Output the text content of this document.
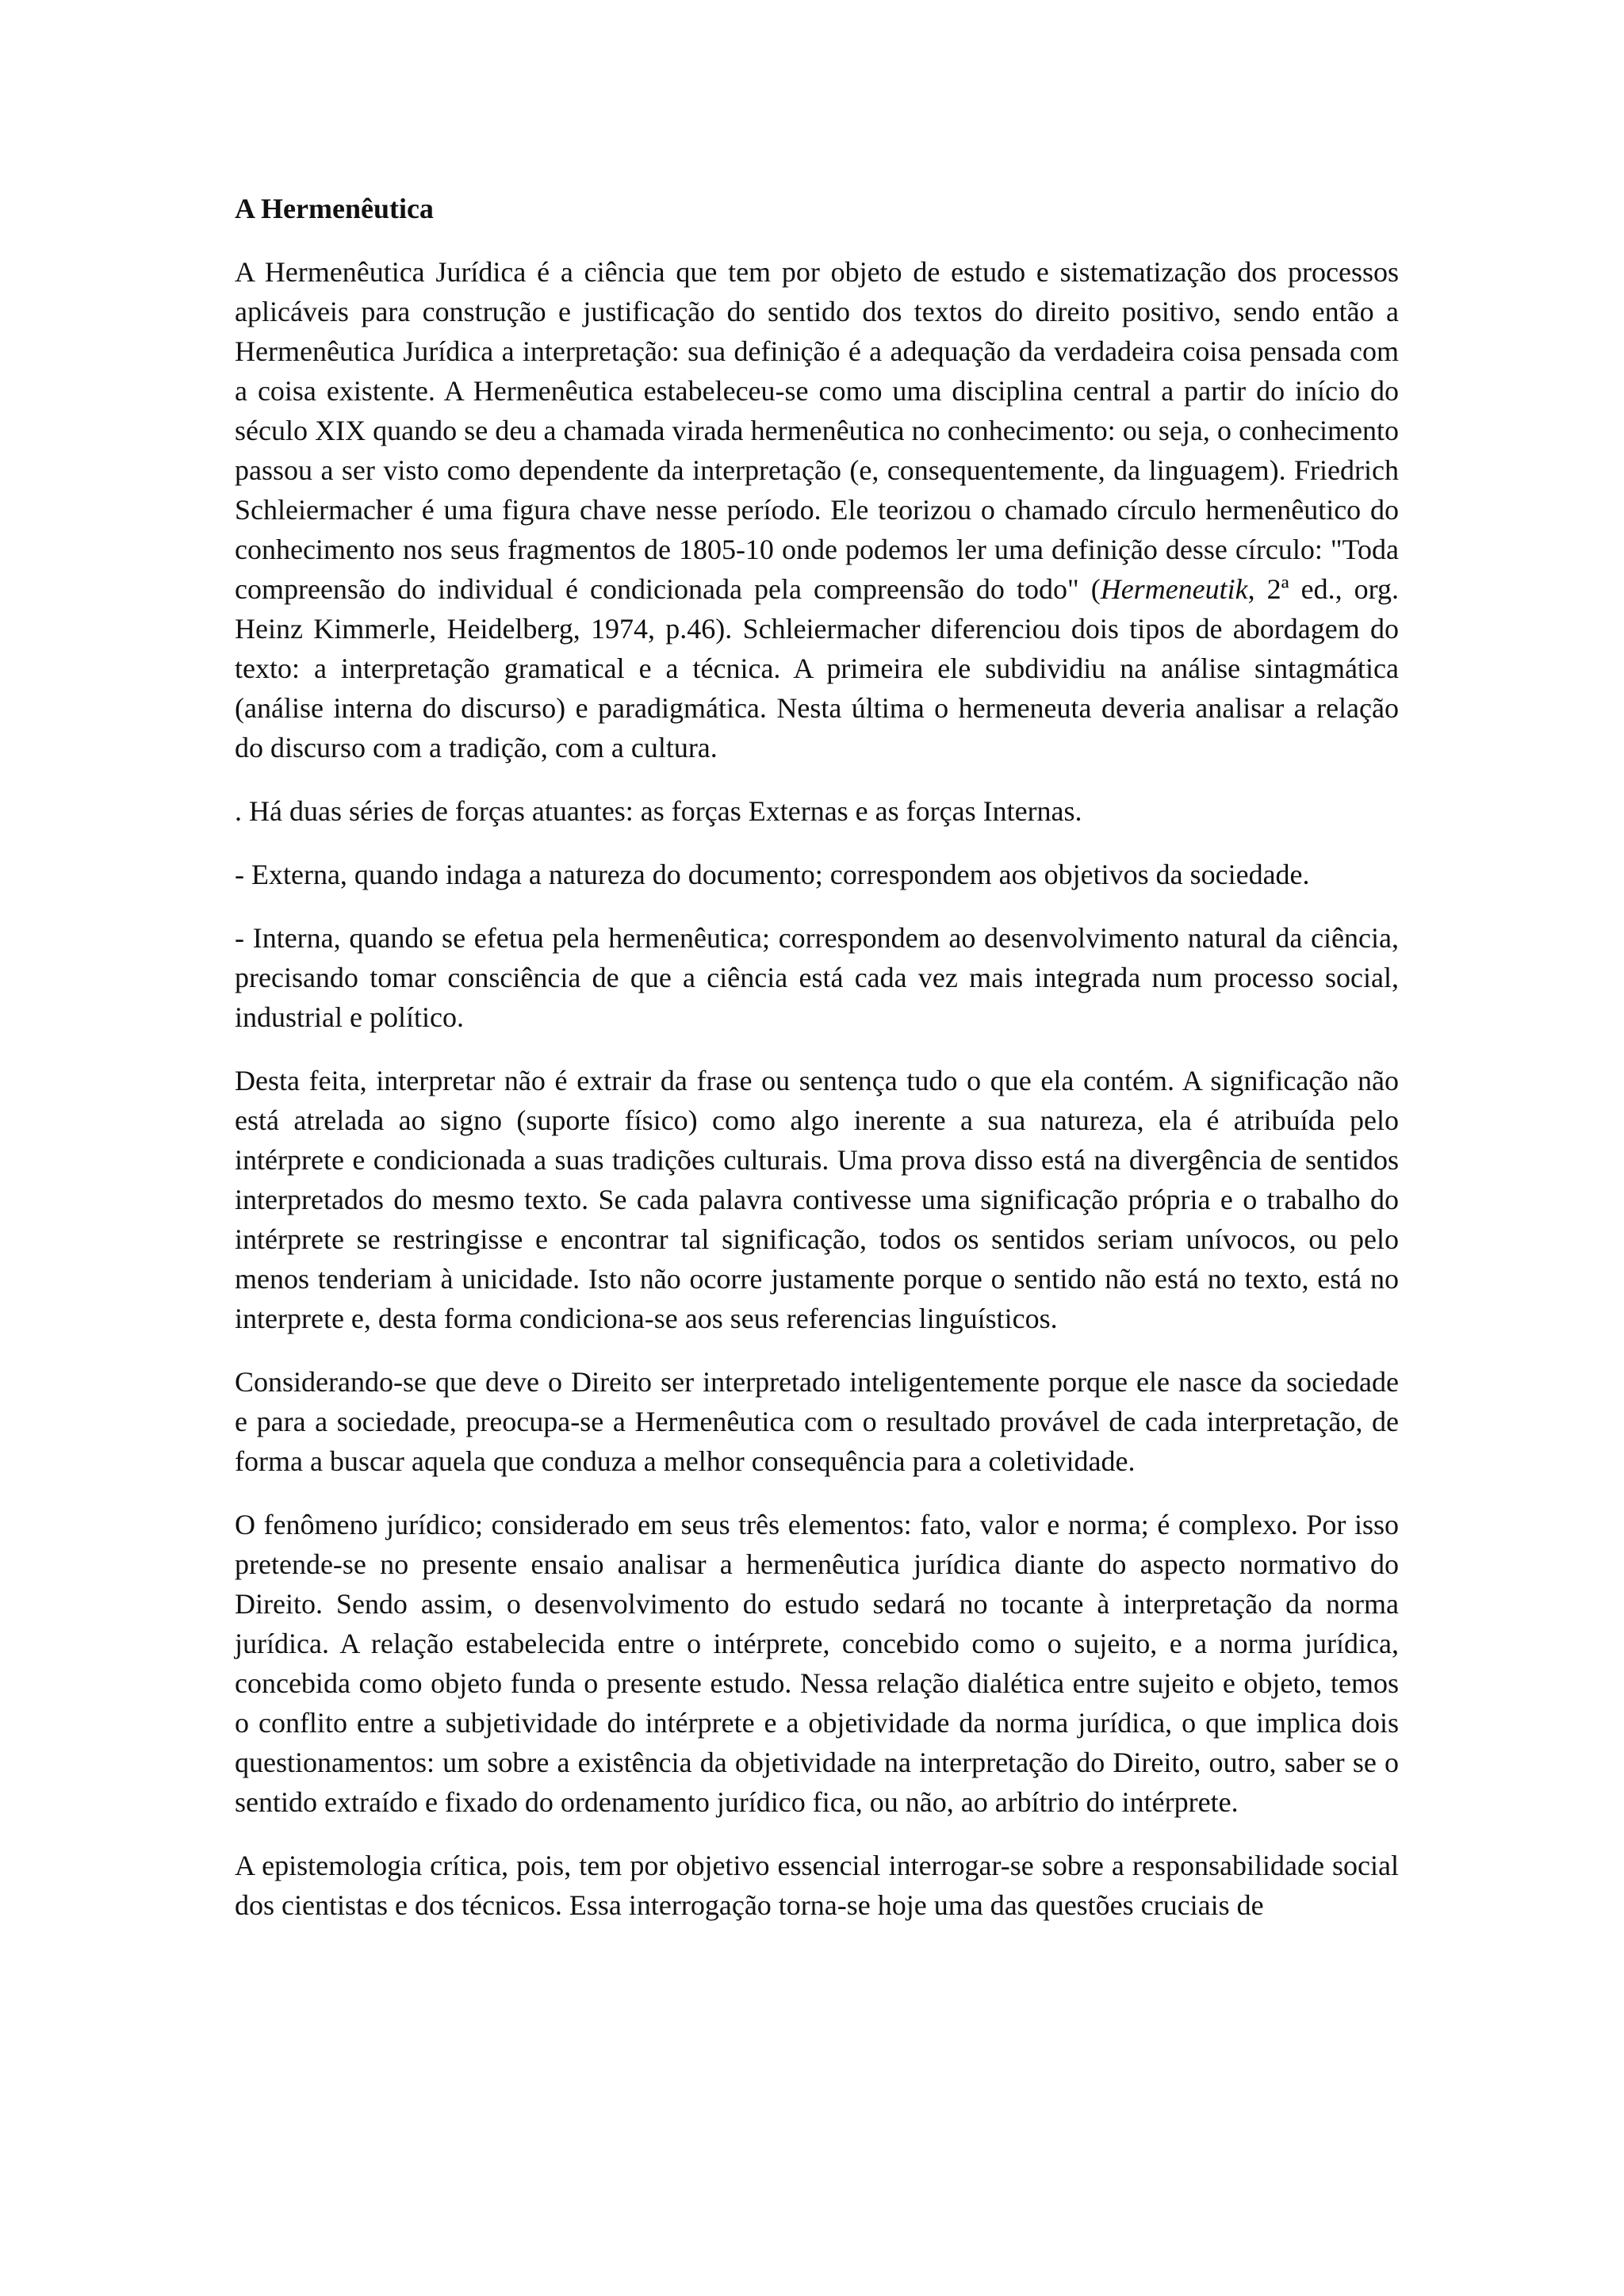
A Hermenêutica

A Hermenêutica Jurídica é a ciência que tem por objeto de estudo e sistematização dos processos aplicáveis para construção e justificação do sentido dos textos do direito positivo, sendo então a Hermenêutica Jurídica a interpretação: sua definição é a adequação da verdadeira coisa pensada com a coisa existente. A Hermenêutica estabeleceu-se como uma disciplina central a partir do início do século XIX quando se deu a chamada virada hermenêutica no conhecimento: ou seja, o conhecimento passou a ser visto como dependente da interpretação (e, consequentemente, da linguagem). Friedrich Schleiermacher é uma figura chave nesse período. Ele teorizou o chamado círculo hermenêutico do conhecimento nos seus fragmentos de 1805-10 onde podemos ler uma definição desse círculo: "Toda compreensão do individual é condicionada pela compreensão do todo" (Hermeneutik, 2ª ed., org. Heinz Kimmerle, Heidelberg, 1974, p.46). Schleiermacher diferenciou dois tipos de abordagem do texto: a interpretação gramatical e a técnica. A primeira ele subdividiu na análise sintagmática (análise interna do discurso) e paradigmática. Nesta última o hermeneuta deveria analisar a relação do discurso com a tradição, com a cultura.

. Há duas séries de forças atuantes: as forças Externas e as forças Internas.

- Externa, quando indaga a natureza do documento; correspondem aos objetivos da sociedade.

- Interna, quando se efetua pela hermenêutica; correspondem ao desenvolvimento natural da ciência, precisando tomar consciência de que a ciência está cada vez mais integrada num processo social, industrial e político.

Desta feita, interpretar não é extrair da frase ou sentença tudo o que ela contém. A significação não está atrelada ao signo (suporte físico) como algo inerente a sua natureza, ela é atribuída pelo intérprete e condicionada a suas tradições culturais. Uma prova disso está na divergência de sentidos interpretados do mesmo texto. Se cada palavra contivesse uma significação própria e o trabalho do intérprete se restringisse e encontrar tal significação, todos os sentidos seriam unívocos, ou pelo menos tenderiam à unicidade. Isto não ocorre justamente porque o sentido não está no texto, está no interprete e, desta forma condiciona-se aos seus referencias linguísticos.

Considerando-se que deve o Direito ser interpretado inteligentemente porque ele nasce da sociedade e para a sociedade, preocupa-se a Hermenêutica com o resultado provável de cada interpretação, de forma a buscar aquela que conduza a melhor consequência para a coletividade.

O fenômeno jurídico; considerado em seus três elementos: fato, valor e norma; é complexo. Por isso pretende-se no presente ensaio analisar a hermenêutica jurídica diante do aspecto normativo do Direito. Sendo assim, o desenvolvimento do estudo sedará no tocante à interpretação da norma jurídica. A relação estabelecida entre o intérprete, concebido como o sujeito, e a norma jurídica, concebida como objeto funda o presente estudo. Nessa relação dialética entre sujeito e objeto, temos o conflito entre a subjetividade do intérprete e a objetividade da norma jurídica, o que implica dois questionamentos: um sobre a existência da objetividade na interpretação do Direito, outro, saber se o sentido extraído e fixado do ordenamento jurídico fica, ou não, ao arbítrio do intérprete.

A epistemologia crítica, pois, tem por objetivo essencial interrogar-se sobre a responsabilidade social dos cientistas e dos técnicos. Essa interrogação torna-se hoje uma das questões cruciais de
